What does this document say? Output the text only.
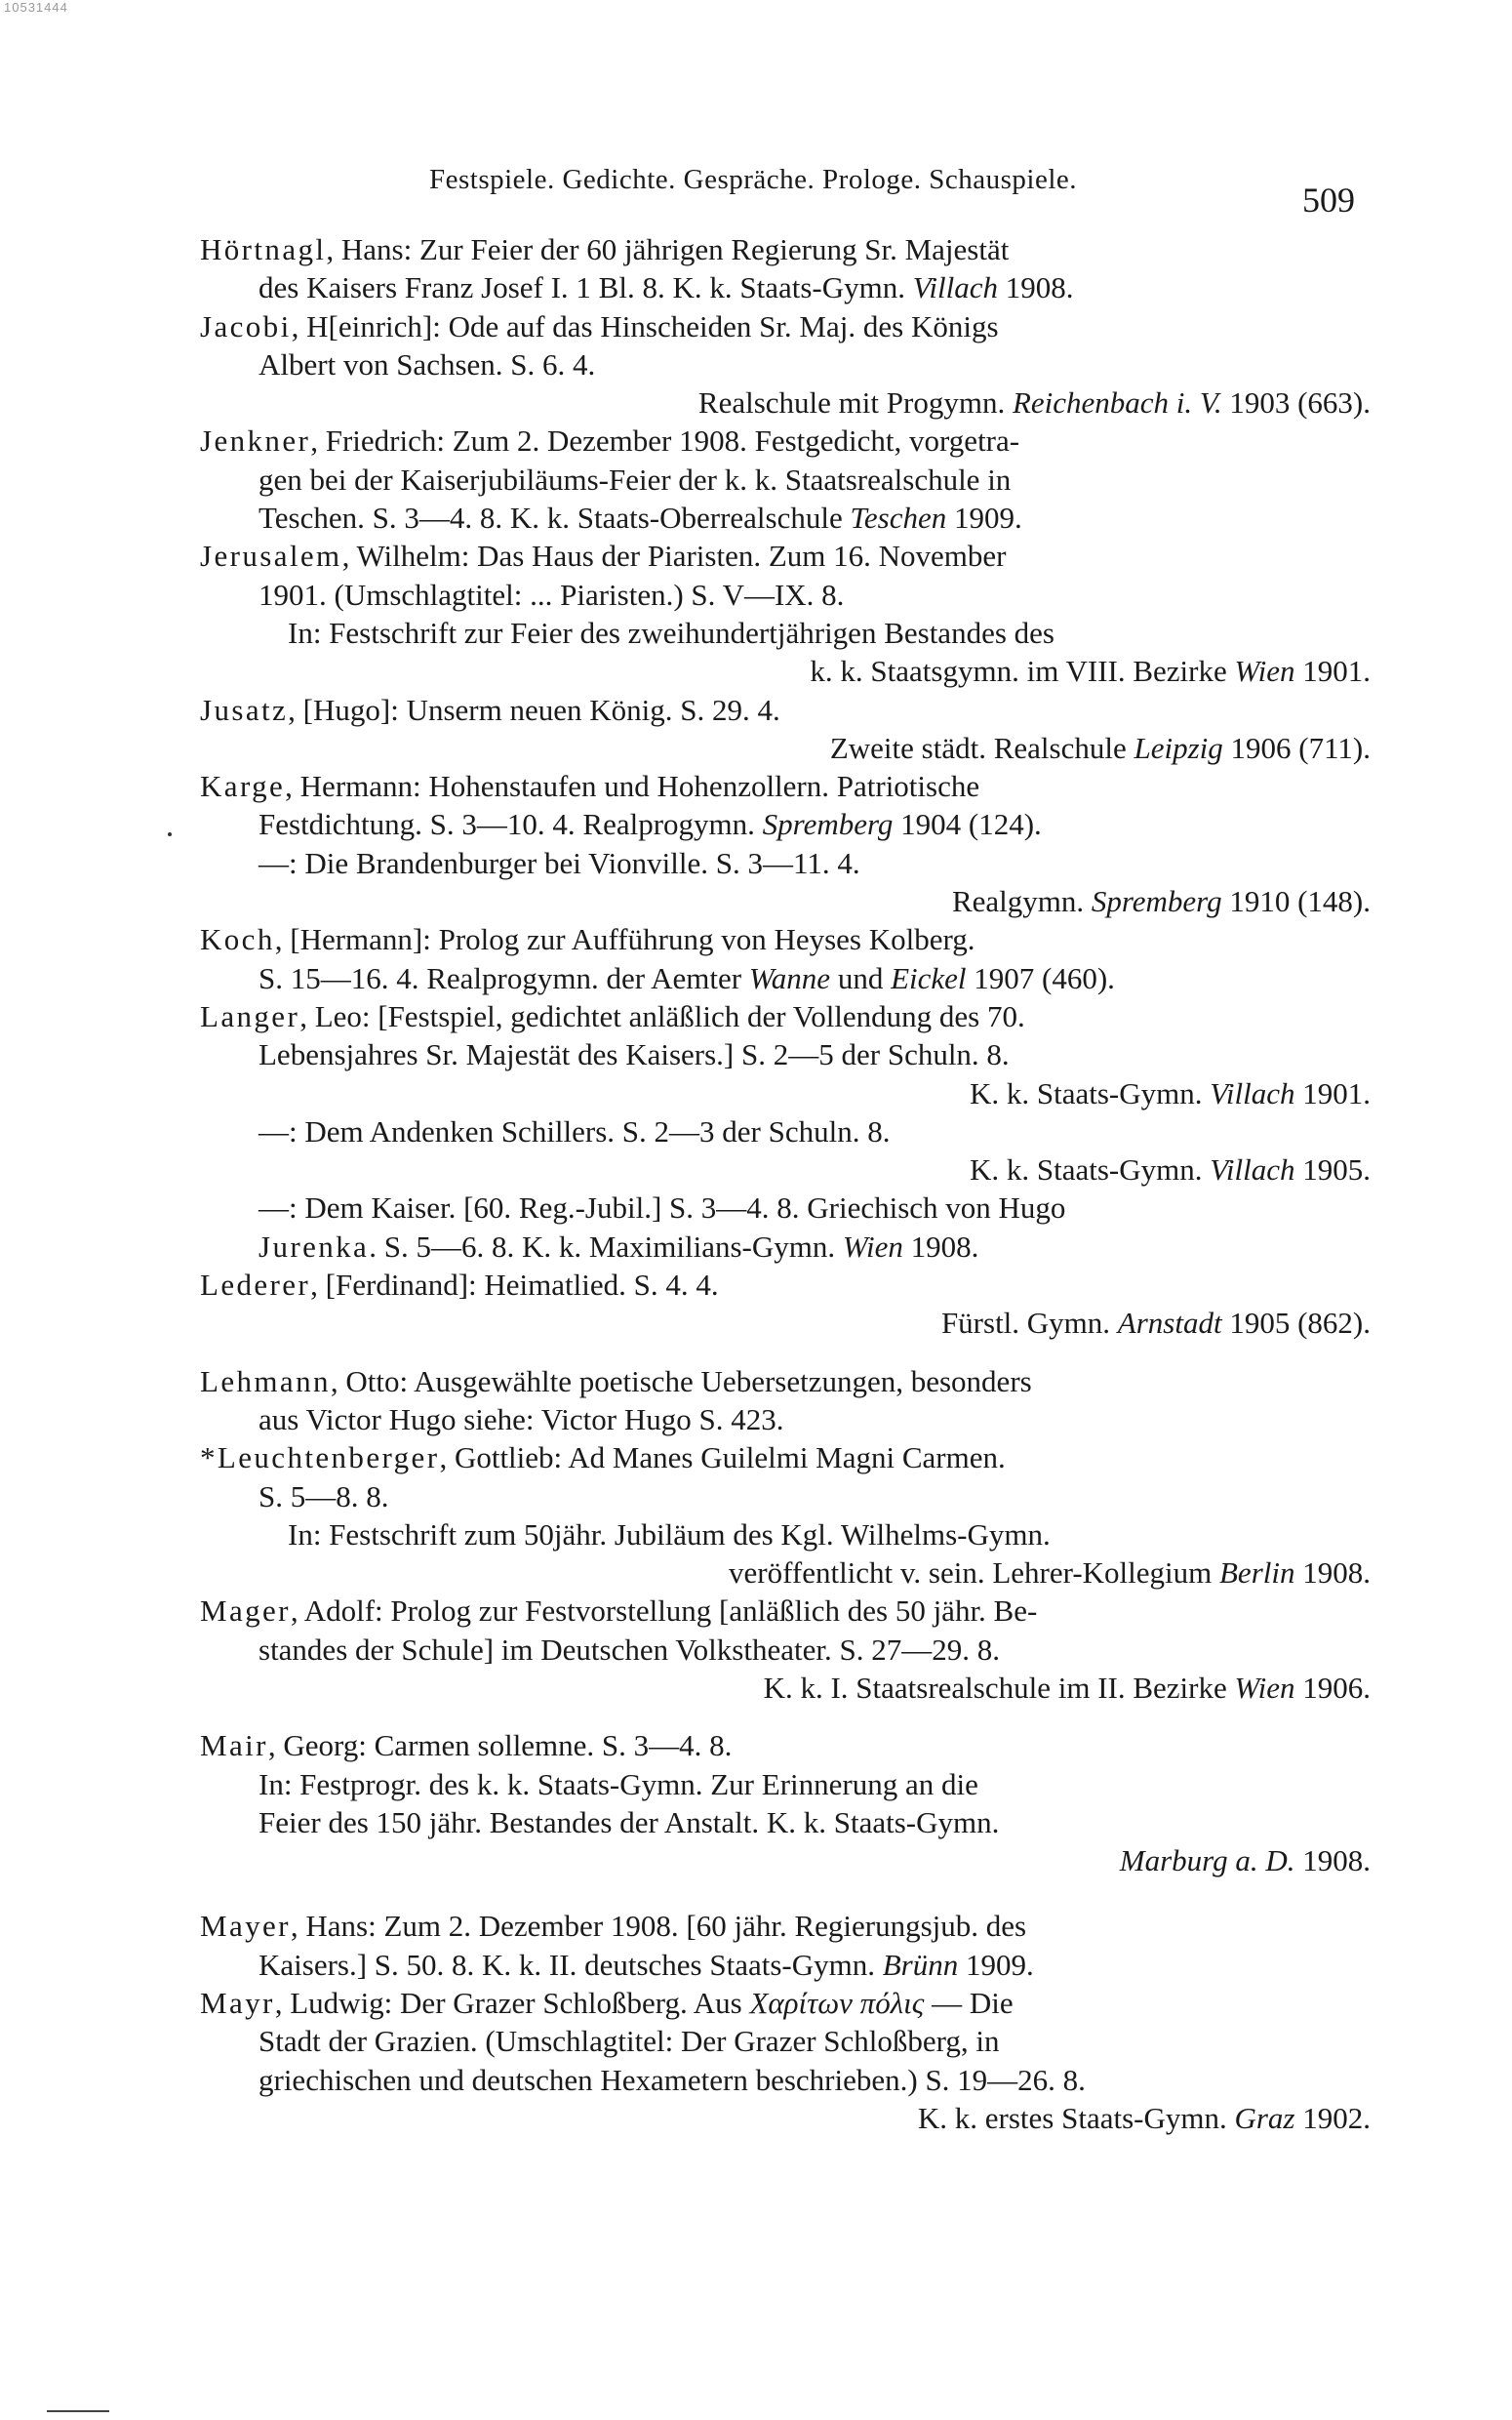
10531444
Festspiele. Gedichte. Gespräche. Prologe. Schauspiele.
509
Hörtnagl, Hans: Zur Feier der 60 jährigen Regierung Sr. Majestät
des Kaisers Franz Josef I. 1 Bl. 8. K. k. Staats-Gymn. Villach 1908.
Jacobi, H[einrich]: Ode auf das Hinscheiden Sr. Maj. des Königs
Albert von Sachsen. S. 6. 4.
Realschule mit Progymn. Reichenbach i. V. 1903 (663).
Jenkner, Friedrich: Zum 2. Dezember 1908. Festgedicht, vorgetra-
gen bei der Kaiserjubiläums-Feier der k. k. Staatsrealschule in
Teschen. S. 3—4. 8. K. k. Staats-Oberrealschule Teschen 1909.
Jerusalem, Wilhelm: Das Haus der Piaristen. Zum 16. November
1901. (Umschlagtitel: ... Piaristen.) S. V—IX. 8.
In: Festschrift zur Feier des zweihundertjährigen Bestandes des
k. k. Staatsgymn. im VIII. Bezirke Wien 1901.
Jusatz, [Hugo]: Unserm neuen König. S. 29. 4.
Zweite städt. Realschule Leipzig 1906 (711).
Karge, Hermann: Hohenstaufen und Hohenzollern. Patriotische
Festdichtung. S. 3—10. 4. Realprogymn. Spremberg 1904 (124).
—: Die Brandenburger bei Vionville. S. 3—11. 4.
Realgymn. Spremberg 1910 (148).
Koch, [Hermann]: Prolog zur Aufführung von Heyses Kolberg.
S. 15—16. 4. Realprogymn. der Aemter Wanne und Eickel 1907 (460).
Langer, Leo: [Festspiel, gedichtet anläßlich der Vollendung des 70.
Lebensjahres Sr. Majestät des Kaisers.] S. 2—5 der Schuln. 8.
K. k. Staats-Gymn. Villach 1901.
—: Dem Andenken Schillers. S. 2—3 der Schuln. 8.
K. k. Staats-Gymn. Villach 1905.
—: Dem Kaiser. [60. Reg.-Jubil.] S. 3—4. 8. Griechisch von Hugo
Jurenka. S. 5—6. 8. K. k. Maximilians-Gymn. Wien 1908.
Lederer, [Ferdinand]: Heimatlied. S. 4. 4.
Fürstl. Gymn. Arnstadt 1905 (862).
Lehmann, Otto: Ausgewählte poetische Uebersetzungen, besonders
aus Victor Hugo siehe: Victor Hugo S. 423.
*Leuchtenberger, Gottlieb: Ad Manes Guilelmi Magni Carmen.
S. 5—8. 8.
In: Festschrift zum 50jähr. Jubiläum des Kgl. Wilhelms-Gymn.
veröffentlicht v. sein. Lehrer-Kollegium Berlin 1908.
Mager, Adolf: Prolog zur Festvorstellung [anläßlich des 50 jähr. Be-
standes der Schule] im Deutschen Volkstheater. S. 27—29. 8.
K. k. I. Staatsrealschule im II. Bezirke Wien 1906.
Mair, Georg: Carmen sollemne. S. 3—4. 8.
In: Festprogr. des k. k. Staats-Gymn. Zur Erinnerung an die
Feier des 150 jähr. Bestandes der Anstalt. K. k. Staats-Gymn.
Marburg a. D. 1908.
Mayer, Hans: Zum 2. Dezember 1908. [60 jähr. Regierungsjub. des
Kaisers.] S. 50. 8. K. k. II. deutsches Staats-Gymn. Brünn 1909.
Mayr, Ludwig: Der Grazer Schloßberg. Aus Χαρίτων πόλις — Die
Stadt der Grazien. (Umschlagtitel: Der Grazer Schloßberg, in
griechischen und deutschen Hexametern beschrieben.) S. 19—26. 8.
K. k. erstes Staats-Gymn. Graz 1902.
